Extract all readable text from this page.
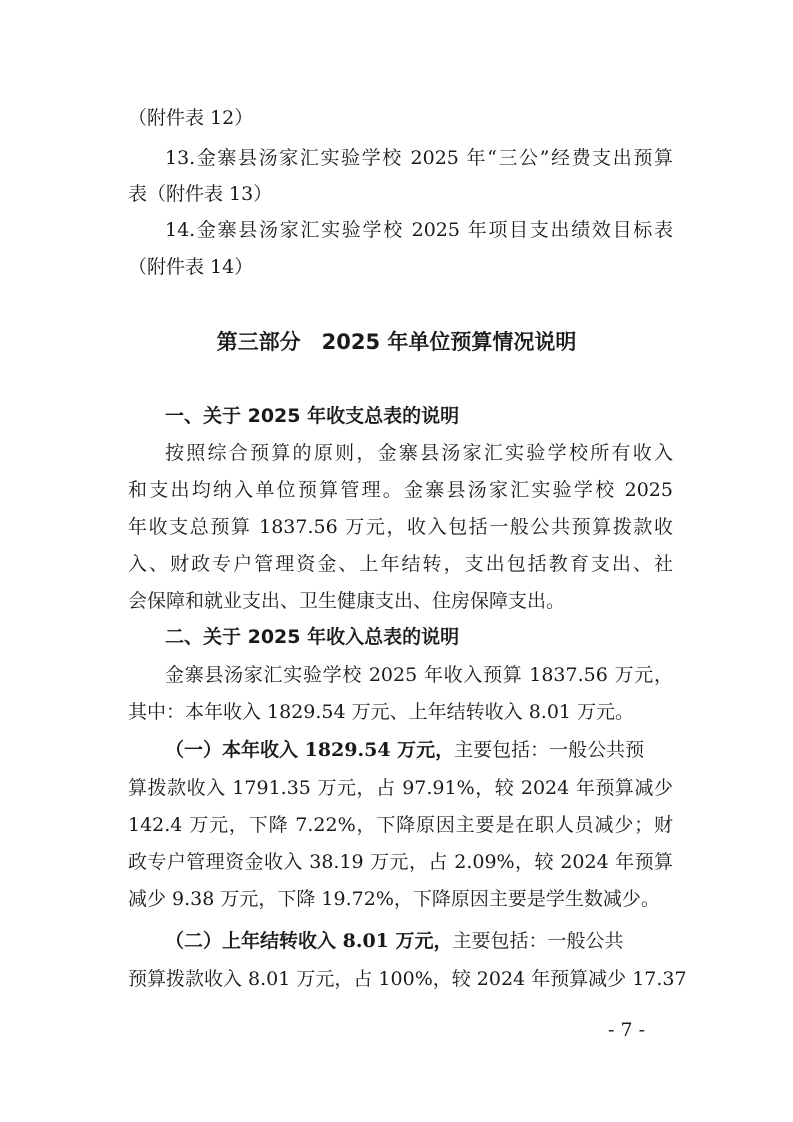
（附件表 12）
13.金寨县汤家汇实验学校 2025 年“三公”经费支出预算
表（附件表 13）
14.金寨县汤家汇实验学校 2025 年项目支出绩效目标表
（附件表 14）
第三部分　2025 年单位预算情况说明
一、关于 2025 年收支总表的说明
按照综合预算的原则，金寨县汤家汇实验学校所有收入
和支出均纳入单位预算管理。金寨县汤家汇实验学校 2025
年收支总预算 1837.56 万元，收入包括一般公共预算拨款收
入、财政专户管理资金、上年结转，支出包括教育支出、社
会保障和就业支出、卫生健康支出、住房保障支出。
二、关于 2025 年收入总表的说明
金寨县汤家汇实验学校 2025 年收入预算 1837.56 万元，
其中：本年收入 1829.54 万元、上年结转收入 8.01 万元。
（一）本年收入 1829.54 万元，主要包括：一般公共预
算拨款收入 1791.35 万元，占 97.91%，较 2024 年预算减少
142.4 万元，下降 7.22%，下降原因主要是在职人员减少；财
政专户管理资金收入 38.19 万元，占 2.09%，较 2024 年预算
减少 9.38 万元，下降 19.72%，下降原因主要是学生数减少。
（二）上年结转收入 8.01 万元，主要包括：一般公共
预算拨款收入 8.01 万元，占 100%，较 2024 年预算减少 17.37
- 7 -
